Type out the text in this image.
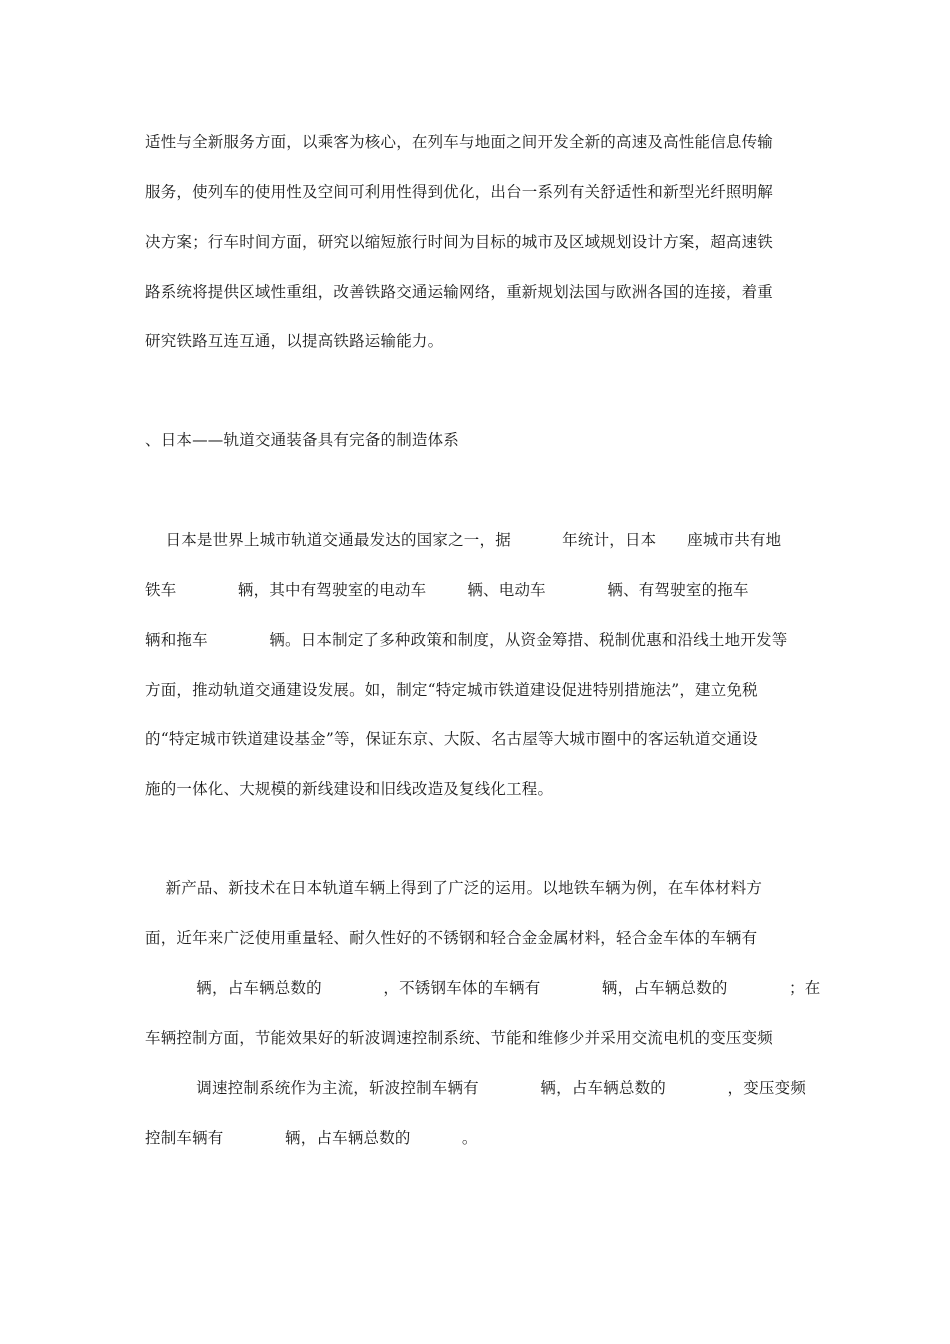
适性与全新服务方面，以乘客为核心，在列车与地面之间开发全新的高速及高性能信息传输
服务，使列车的使用性及空间可利用性得到优化，出台一系列有关舒适性和新型光纤照明解
决方案；行车时间方面，研究以缩短旅行时间为目标的城市及区域规划设计方案，超高速铁
路系统将提供区域性重组，改善铁路交通运输网络，重新规划法国与欧洲各国的连接，着重
研究铁路互连互通，以提高铁路运输能力。
、日本——轨道交通装备具有完备的制造体系
日本是世界上城市轨道交通最发达的国家之一，据          年统计，日本      座城市共有地
铁车            辆，其中有驾驶室的电动车        辆、电动车            辆、有驾驶室的拖车
辆和拖车            辆。日本制定了多种政策和制度，从资金筹措、税制优惠和沿线土地开发等
方面，推动轨道交通建设发展。如，制定“特定城市铁道建设促进特别措施法”，建立免税
的“特定城市铁道建设基金”等，保证东京、大阪、名古屋等大城市圈中的客运轨道交通设
施的一体化、大规模的新线建设和旧线改造及复线化工程。
新产品、新技术在日本轨道车辆上得到了广泛的运用。以地铁车辆为例，在车体材料方
面，近年来广泛使用重量轻、耐久性好的不锈钢和轻合金金属材料，轻合金车体的车辆有
辆，占车辆总数的            ，不锈钢车体的车辆有            辆，占车辆总数的            ；在
车辆控制方面，节能效果好的斩波调速控制系统、节能和维修少并采用交流电机的变压变频
调速控制系统作为主流，斩波控制车辆有            辆，占车辆总数的            ，变压变频
控制车辆有            辆，占车辆总数的          。
